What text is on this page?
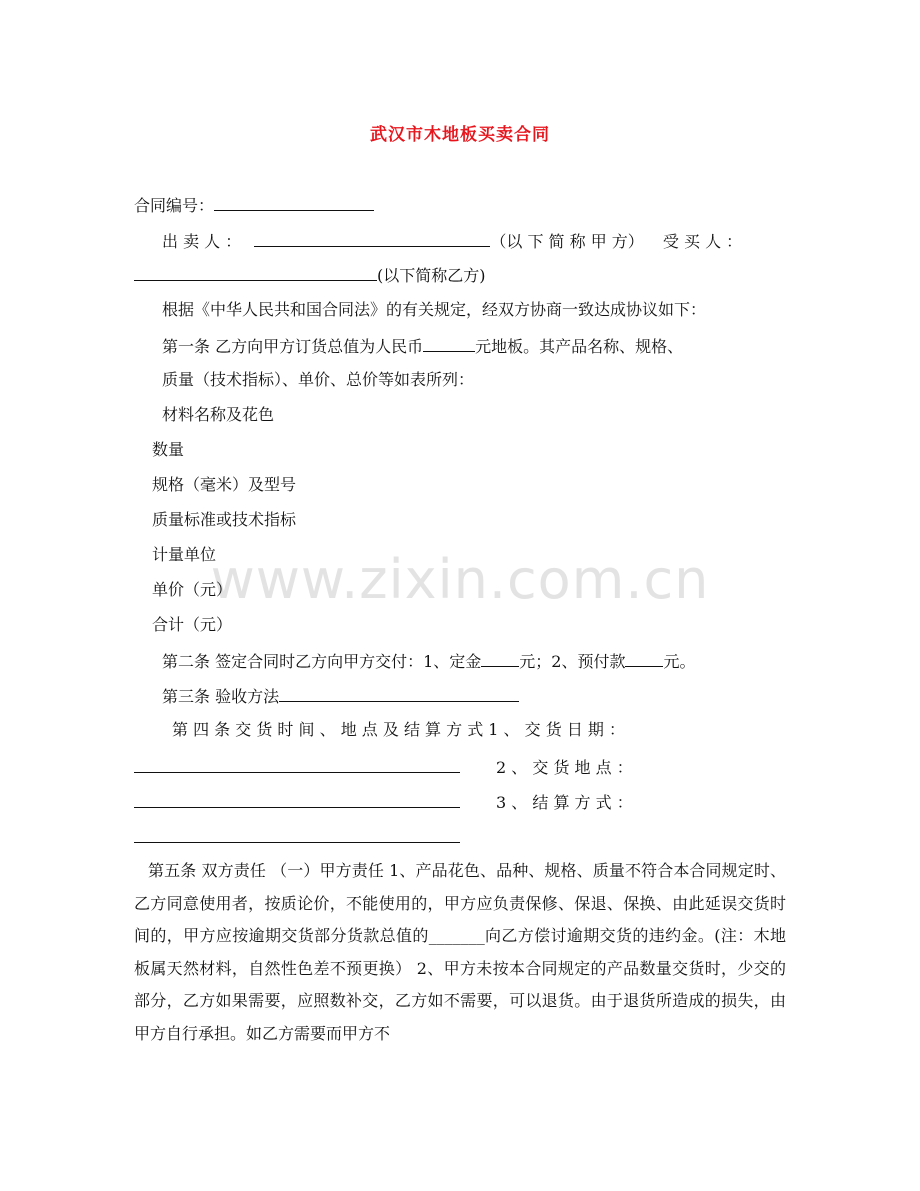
www.zixin.com.cn
武汉市木地板买卖合同
合同编号：
出 卖 人 ：	（以 下 简 称 甲 方） 受 买 人 ：
(以下简称乙方)
根据《中华人民共和国合同法》的有关规定，经双方协商一致达成协议如下：
第一条 乙方向甲方订货总值为人民币	元地板。其产品名称、规格、
质量（技术指标）、单价、总价等如表所列：
材料名称及花色
数量
规格（毫米）及型号
质量标准或技术指标
计量单位
单价（元）
合计（元）
第二条 签定合同时乙方向甲方交付：1、定金 元；2、预付款 元。
第三条 验收方法
第 四 条 交 货 时 间 、 地 点 及 结 算 方 式 1 、 交 货 日 期 ：
2 、 交 货 地 点 ：
3 、 结 算 方 式 ：
第五条 双方责任 （一）甲方责任 1、产品花色、品种、规格、质量不符合本合同规定时、乙方同意使用者，按质论价，不能使用的，甲方应负责保修、保退、保换、由此延误交货时间的，甲方应按逾期交货部分货款总值的_______向乙方偿讨逾期交货的违约金。(注：木地板属天然材料，自然性色差不预更换） 2、甲方未按本合同规定的产品数量交货时，少交的部分，乙方如果需要，应照数补交，乙方如不需要，可以退货。由于退货所造成的损失，由甲方自行承担。如乙方需要而甲方不
